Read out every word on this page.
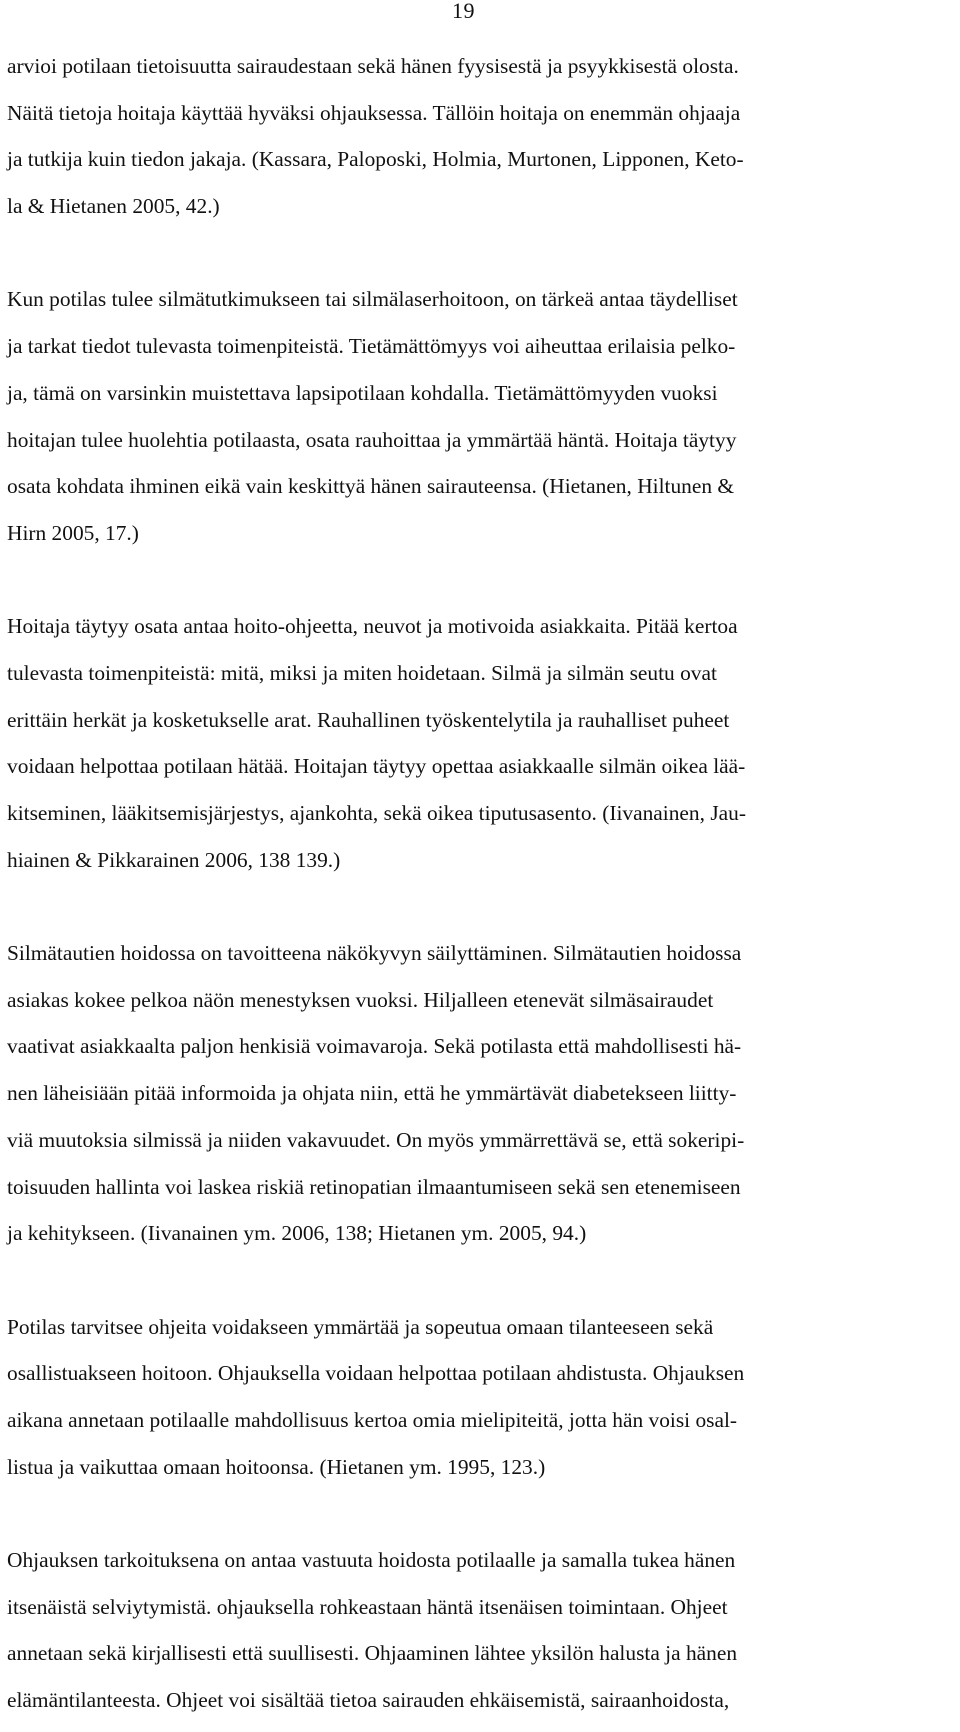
19
arvioi potilaan tietoisuutta sairaudestaan sekä hänen fyysisestä ja psyykkisestä olosta.
Näitä tietoja hoitaja käyttää hyväksi ohjauksessa. Tällöin hoitaja on enemmän ohjaaja
ja tutkija kuin tiedon jakaja. (Kassara, Paloposki, Holmia, Murtonen, Lipponen, Keto-
la & Hietanen 2005, 42.)
Kun potilas tulee silmätutkimukseen tai silmälaserhoitoon, on tärkeä antaa täydelliset
ja tarkat tiedot tulevasta toimenpiteistä. Tietämättömyys voi aiheuttaa erilaisia pelko-
ja, tämä on varsinkin muistettava lapsipotilaan kohdalla. Tietämättömyyden vuoksi
hoitajan tulee huolehtia potilaasta, osata rauhoittaa ja ymmärtää häntä. Hoitaja täytyy
osata kohdata ihminen eikä vain keskittyä hänen sairauteensa. (Hietanen, Hiltunen &
Hirn 2005, 17.)
Hoitaja täytyy osata antaa hoito-ohjeetta, neuvot ja motivoida asiakkaita. Pitää kertoa
tulevasta toimenpiteistä: mitä, miksi ja miten hoidetaan. Silmä ja silmän seutu ovat
erittäin herkät ja kosketukselle arat. Rauhallinen työskentelytila ja rauhalliset puheet
voidaan helpottaa potilaan hätää. Hoitajan täytyy opettaa asiakkaalle silmän oikea lää-
kitseminen, lääkitsemisjärjestys, ajankohta, sekä oikea tiputusasento. (Iivanainen, Jau-
hiainen & Pikkarainen 2006, 138 139.)
Silmätautien hoidossa on tavoitteena näkökyvyn säilyttäminen. Silmätautien hoidossa
asiakas kokee pelkoa näön menestyksen vuoksi. Hiljalleen etenevät silmäsairaudet
vaativat asiakkaalta paljon henkisiä voimavaroja. Sekä potilasta että mahdollisesti hä-
nen läheisiään pitää informoida ja ohjata niin, että he ymmärtävät diabetekseen liitty-
viä muutoksia silmissä ja niiden vakavuudet. On myös ymmärrettävä se, että sokeripi-
toisuuden hallinta voi laskea riskiä retinopatian ilmaantumiseen sekä sen etenemiseen
ja kehitykseen. (Iivanainen ym. 2006, 138; Hietanen ym. 2005, 94.)
Potilas tarvitsee ohjeita voidakseen ymmärtää ja sopeutua omaan tilanteeseen sekä
osallistuakseen hoitoon. Ohjauksella voidaan helpottaa potilaan ahdistusta. Ohjauksen
aikana annetaan potilaalle mahdollisuus kertoa omia mielipiteitä, jotta hän voisi osal-
listua ja vaikuttaa omaan hoitoonsa. (Hietanen ym. 1995, 123.)
Ohjauksen tarkoituksena on antaa vastuuta hoidosta potilaalle ja samalla tukea hänen
itsenäistä selviytymistä. ohjauksella rohkeastaan häntä itsenäisen toimintaan. Ohjeet
annetaan sekä kirjallisesti että suullisesti. Ohjaaminen lähtee yksilön halusta ja hänen
elämäntilanteesta. Ohjeet voi sisältää tietoa sairauden ehkäisemistä, sairaanhoidosta,
